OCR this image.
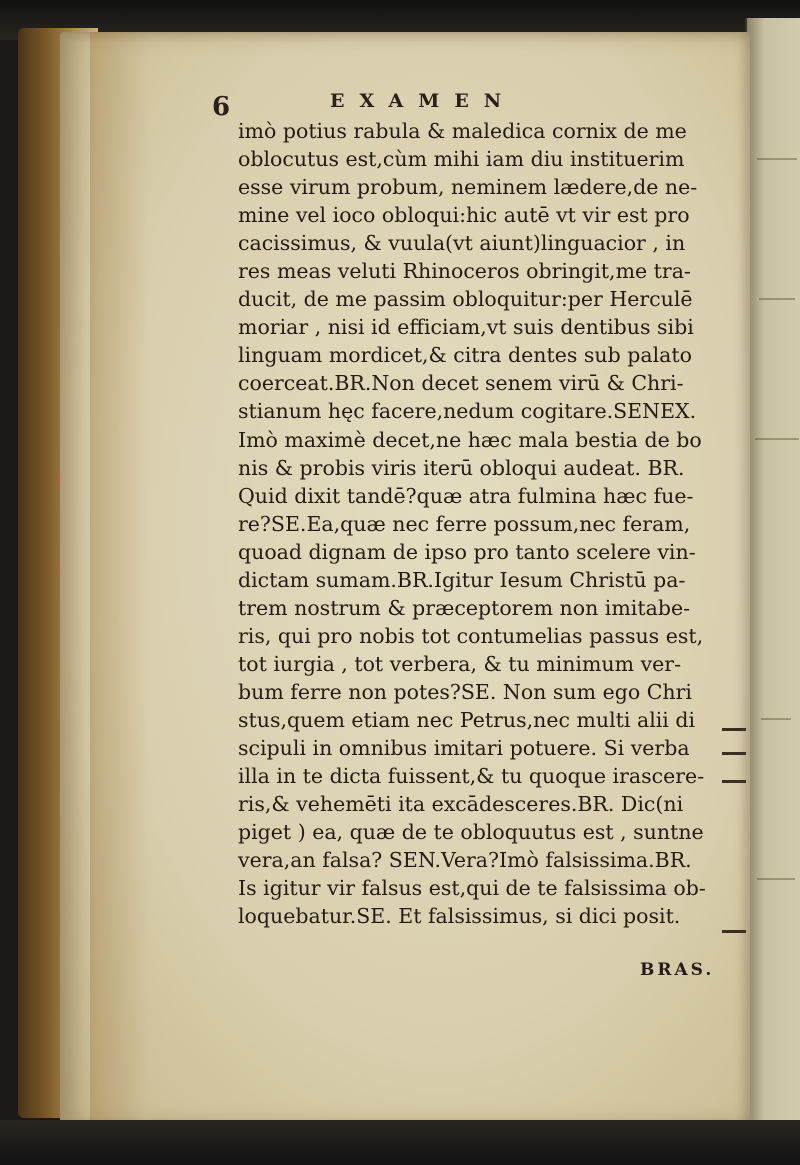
6	EXAMEN
imò potius rabula & maledica cornix de me
oblocutus est,cùm mihi iam diu instituerim
esse virum probum, neminem lædere,de ne-
mine vel ioco obloqui:hic autē vt vir est pro
cacissimus, & vuula(vt aiunt)linguacior , in
res meas veluti Rhinoceros obringit,me tra-
ducit, de me passim obloquitur:per Herculē
moriar , nisi id efficiam,vt suis dentibus sibi
linguam mordicet,& citra dentes sub palato
coerceat.BR.Non decet senem virū & Chri-
stianum hęc facere,nedum cogitare.SENEX.
Imò maximè decet,ne hæc mala bestia de bo
nis & probis viris iterū obloqui audeat. BR.
Quid dixit tandē?quæ atra fulmina hæc fue-
re?SE.Ea,quæ nec ferre possum,nec feram,
quoad dignam de ipso pro tanto scelere vin-
dictam sumam.BR.Igitur Iesum Christū pa-
trem nostrum & præceptorem non imitabe-
ris, qui pro nobis tot contumelias passus est,
tot iurgia , tot verbera, & tu minimum ver-
bum ferre non potes?SE. Non sum ego Chri
stus,quem etiam nec Petrus,nec multi alii di
scipuli in omnibus imitari potuere. Si verba
illa in te dicta fuissent,& tu quoque irascere-
ris,& vehemēti ita excādesceres.BR. Dic(ni
piget ) ea, quæ de te obloquutus est , suntne
vera,an falsa? SEN.Vera?Imò falsissima.BR.
Is igitur vir falsus est,qui de te falsissima ob-
loquebatur.SE. Et falsissimus, si dici posit.
BRAS.
